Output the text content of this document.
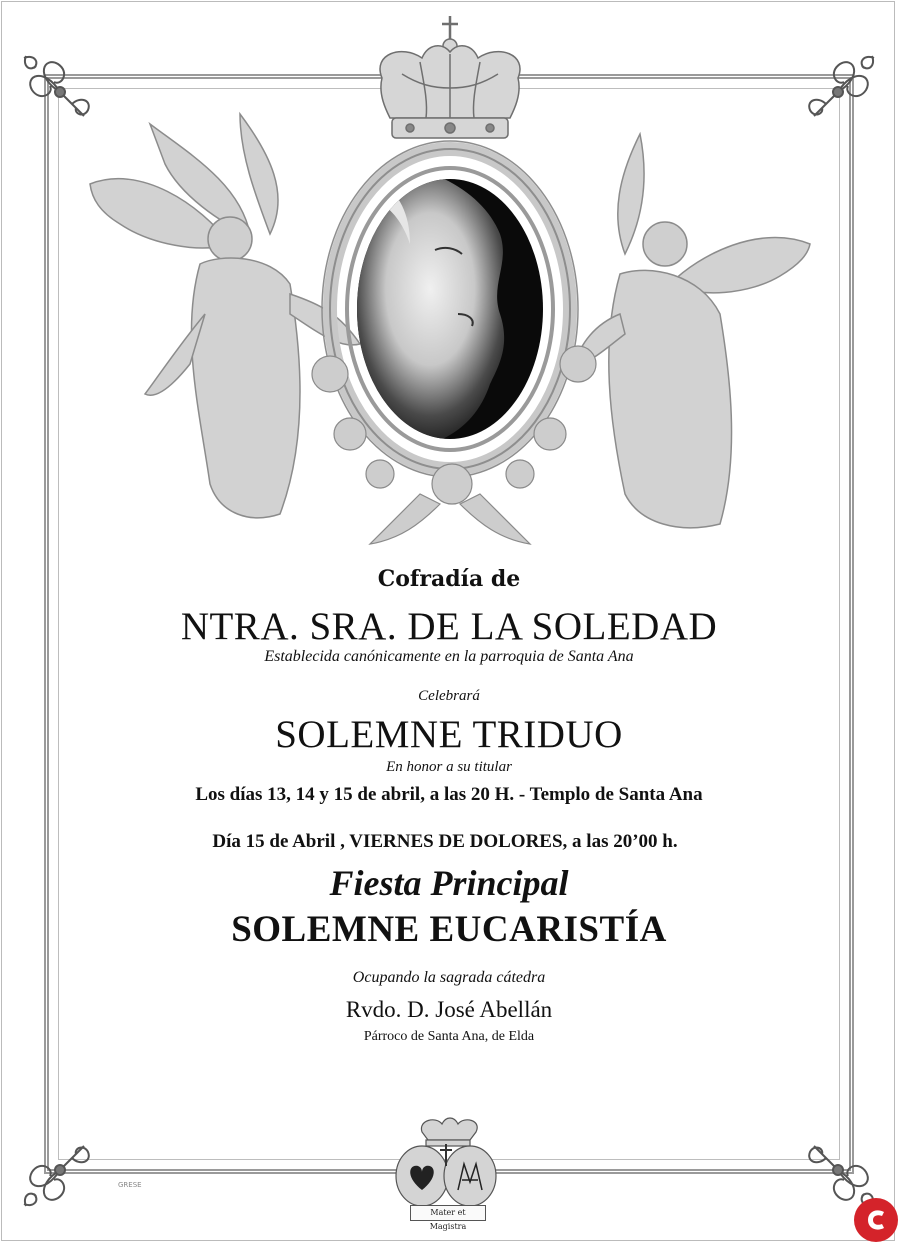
Cofradía de
NTRA. SRA. DE LA SOLEDAD
Establecida canónicamente en la parroquia de Santa Ana
Celebrará
SOLEMNE TRIDUO
En honor a su titular
Los días 13, 14 y 15 de abril, a las 20 H. - Templo de Santa Ana
Día 15 de Abril , VIERNES DE DOLORES, a las 20’00 h.
Fiesta Principal
SOLEMNE EUCARISTÍA
Ocupando la sagrada cátedra
Rvdo. D. José Abellán
Párroco de Santa Ana, de Elda
GRESE
Mater et Magistra
